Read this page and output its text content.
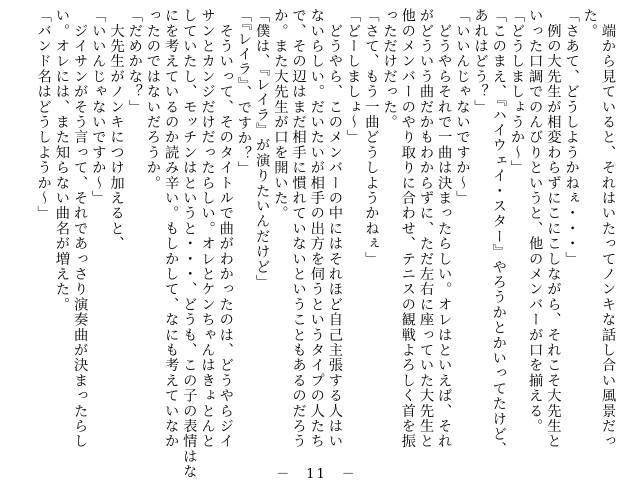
　端から見ていると、それはいたってノンキな話し合い風景だっ
た。
「さあて、どうしようかねぇ・・・」
　例の大先生が相変わらずにこにこしながら、それこそ大先生と
いった口調でのんびりというと、他のメンバーが口を揃える。
「どうしましょうか～」
「このまえ、『ハイウェイ・スター』やろうかとかいってたけど、
あれはどう？」
「いいんじゃないですか～」
　どうやらそれで一曲は決まったらしい。オレはといえば、それ
がどういう曲だかもわからずに、ただ左右に座っていた大先生と
他のメンバーのやり取りに合わせ、テニスの観戦よろしく首を振
っただけだった。
「さて、もう一曲どうしようかねぇ」
「どーしましょ～」
　どうやら、このメンバーの中にはそれほど自己主張する人はい
ないらしい。だいたいが相手の出方を伺うというタイプの人たち
で、その辺はまだ相手に慣れていないということもあるのだろう
か。また大先生が口を開いた。
「僕は、『レイラ』が演りたいんだけど」
「『レイラ』、ですか？」
　そういって、そのタイトルで曲がわかったのは、どうやらジイ
サンとカンジだけだったらしい。オレとケンちゃんはきょとんと
していたし、モッチンはというと・・・、どうも、この子の表情はな
にを考えているのか読み辛い。もしかして、なにも考えていなか
ったのではないだろうか。
「だめかな？」
　大先生がノンキにつけ加えると、
「いいんじゃないですか～」
　ジイサンがそう言って、それであっさり演奏曲が決まったらし
い。オレには、また知らない曲名が増えた。
「バンド名はどうしようか～」
－　11　－
